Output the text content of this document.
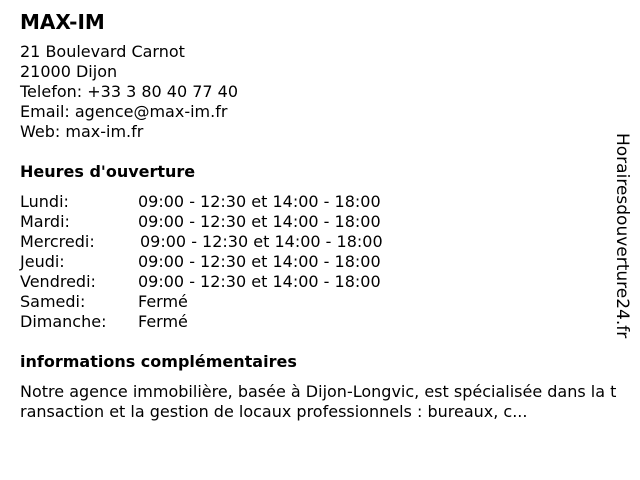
MAX-IM
21 Boulevard Carnot
21000 Dijon
Telefon: +33 3 80 40 77 40
Email: agence@max-im.fr
Web: max-im.fr
Heures d'ouverture
Lundi:	09:00 - 12:30 et 14:00 - 18:00
Mardi:	09:00 - 12:30 et 14:00 - 18:00
Mercredi:	09:00 - 12:30 et 14:00 - 18:00
Jeudi:	09:00 - 12:30 et 14:00 - 18:00
Vendredi:	09:00 - 12:30 et 14:00 - 18:00
Samedi:	Fermé
Dimanche:	Fermé
informations complémentaires
Notre agence immobilière, basée à Dijon-Longvic, est spécialisée dans la transaction et la gestion de locaux professionnels : bureaux, c...
Horairesdouverture24.fr
